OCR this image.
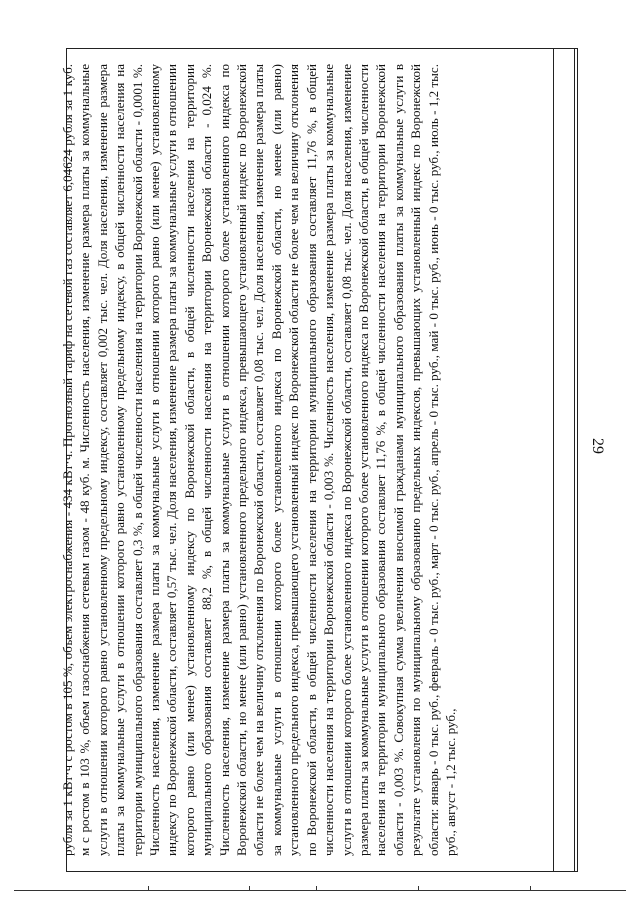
29
рубля за 1 кВт·ч с ростом в 105 %, объем электроснабжения - 434 кВт·ч. Прогнозный тариф на сетевой газ составляет 6,04624 рубля за 1 куб. м с ростом в 103 %, объем газоснабжения сетевым газом - 48 куб. м. Численность населения, изменение размера платы за коммунальные услуги в отношении которого равно установленному предельному индексу, составляет 0,002 тыс. чел. Доля населения, изменение размера платы за коммунальные услуги в отношении которого равно установленному предельному индексу, в общей численности населения на территории муниципального образования составляет 0,3 %, в общей численности населения на территории Воронежской области - 0,0001 %. Численность населения, изменение размера платы за коммунальные услуги в отношении которого равно (или менее) установленному индексу по Воронежской области, составляет 0,57 тыс. чел. Доля населения, изменение размера платы за коммунальные услуги в отношении которого равно (или менее) установленному индексу по Воронежской области, в общей численности населения на территории муниципального образования составляет 88,2 %, в общей численности населения на территории Воронежской области - 0,024 %. Численность населения, изменение размера платы за коммунальные услуги в отношении которого более установленного индекса по Воронежской области, но менее (или равно) установленного предельного индекса, превышающего установленный индекс по Воронежской области не более чем на величину отклонения по Воронежской области, составляет 0,08 тыс. чел. Доля населения, изменение размера платы за коммунальные услуги в отношении которого более установленного индекса по Воронежской области, но менее (или равно) установленного предельного индекса, превышающего установленный индекс по Воронежской области не более чем на величину отклонения по Воронежской области, в общей численности населения на территории муниципального образования составляет 11,76 %, в общей численности населения на территории Воронежской области - 0,003 %. Численность населения, изменение размера платы за коммунальные услуги в отношении которого более установленного индекса по Воронежской области, составляет 0,08 тыс. чел. Доля населения, изменение размера платы за коммунальные услуги в отношении которого более установленного индекса по Воронежской области, в общей численности населения на территории муниципального образования составляет 11,76 %, в общей численности населения на территории Воронежской области - 0,003 %. Совокупная сумма увеличения вносимой гражданами муниципального образования платы за коммунальные услуги в результате установления по муниципальному образованию предельных индексов, превышающих установленный индекс по Воронежской области: январь - 0 тыс. руб., февраль - 0 тыс. руб., март - 0 тыс. руб., апрель - 0 тыс. руб., май - 0 тыс. руб., июнь - 0 тыс. руб., июль - 1,2 тыс. руб., август - 1,2 тыс. руб.,
